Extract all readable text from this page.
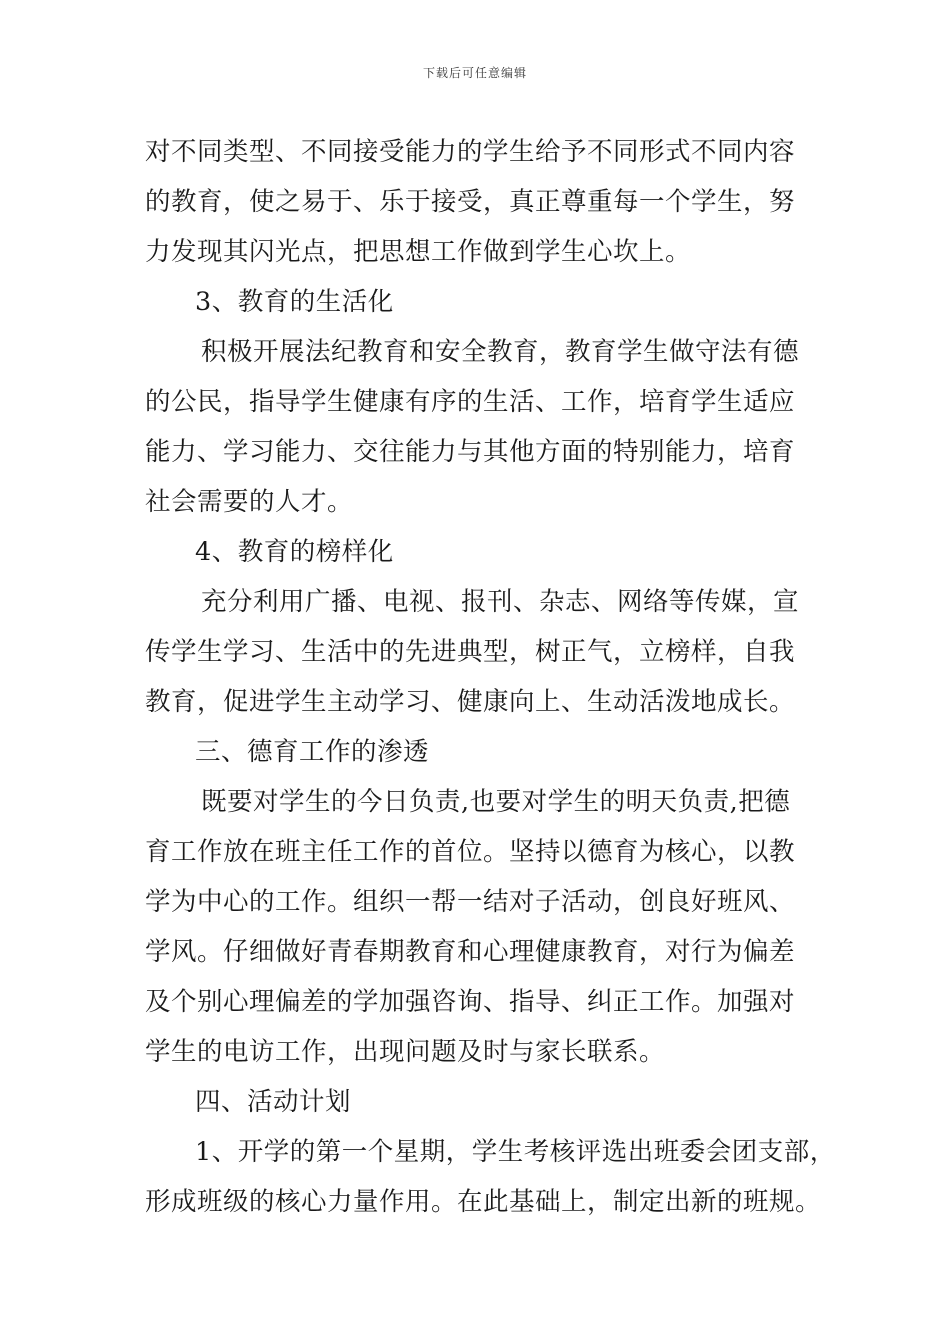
下载后可任意编辑
对不同类型、不同接受能力的学生给予不同形式不同内容
的教育，使之易于、乐于接受，真正尊重每一个学生，努
力发现其闪光点，把思想工作做到学生心坎上。
3、教育的生活化
积极开展法纪教育和安全教育，教育学生做守法有德
的公民，指导学生健康有序的生活、工作，培育学生适应
能力、学习能力、交往能力与其他方面的特别能力，培育
社会需要的人才。
4、教育的榜样化
充分利用广播、电视、报刊、杂志、网络等传媒，宣
传学生学习、生活中的先进典型，树正气，立榜样，自我
教育，促进学生主动学习、健康向上、生动活泼地成长。
三、德育工作的渗透
既要对学生的今日负责,也要对学生的明天负责,把德
育工作放在班主任工作的首位。坚持以德育为核心，以教
学为中心的工作。组织一帮一结对子活动，创良好班风、
学风。仔细做好青春期教育和心理健康教育，对行为偏差
及个别心理偏差的学加强咨询、指导、纠正工作。加强对
学生的电访工作，出现问题及时与家长联系。
四、活动计划
1、开学的第一个星期，学生考核评选出班委会团支部，
形成班级的核心力量作用。在此基础上，制定出新的班规。
